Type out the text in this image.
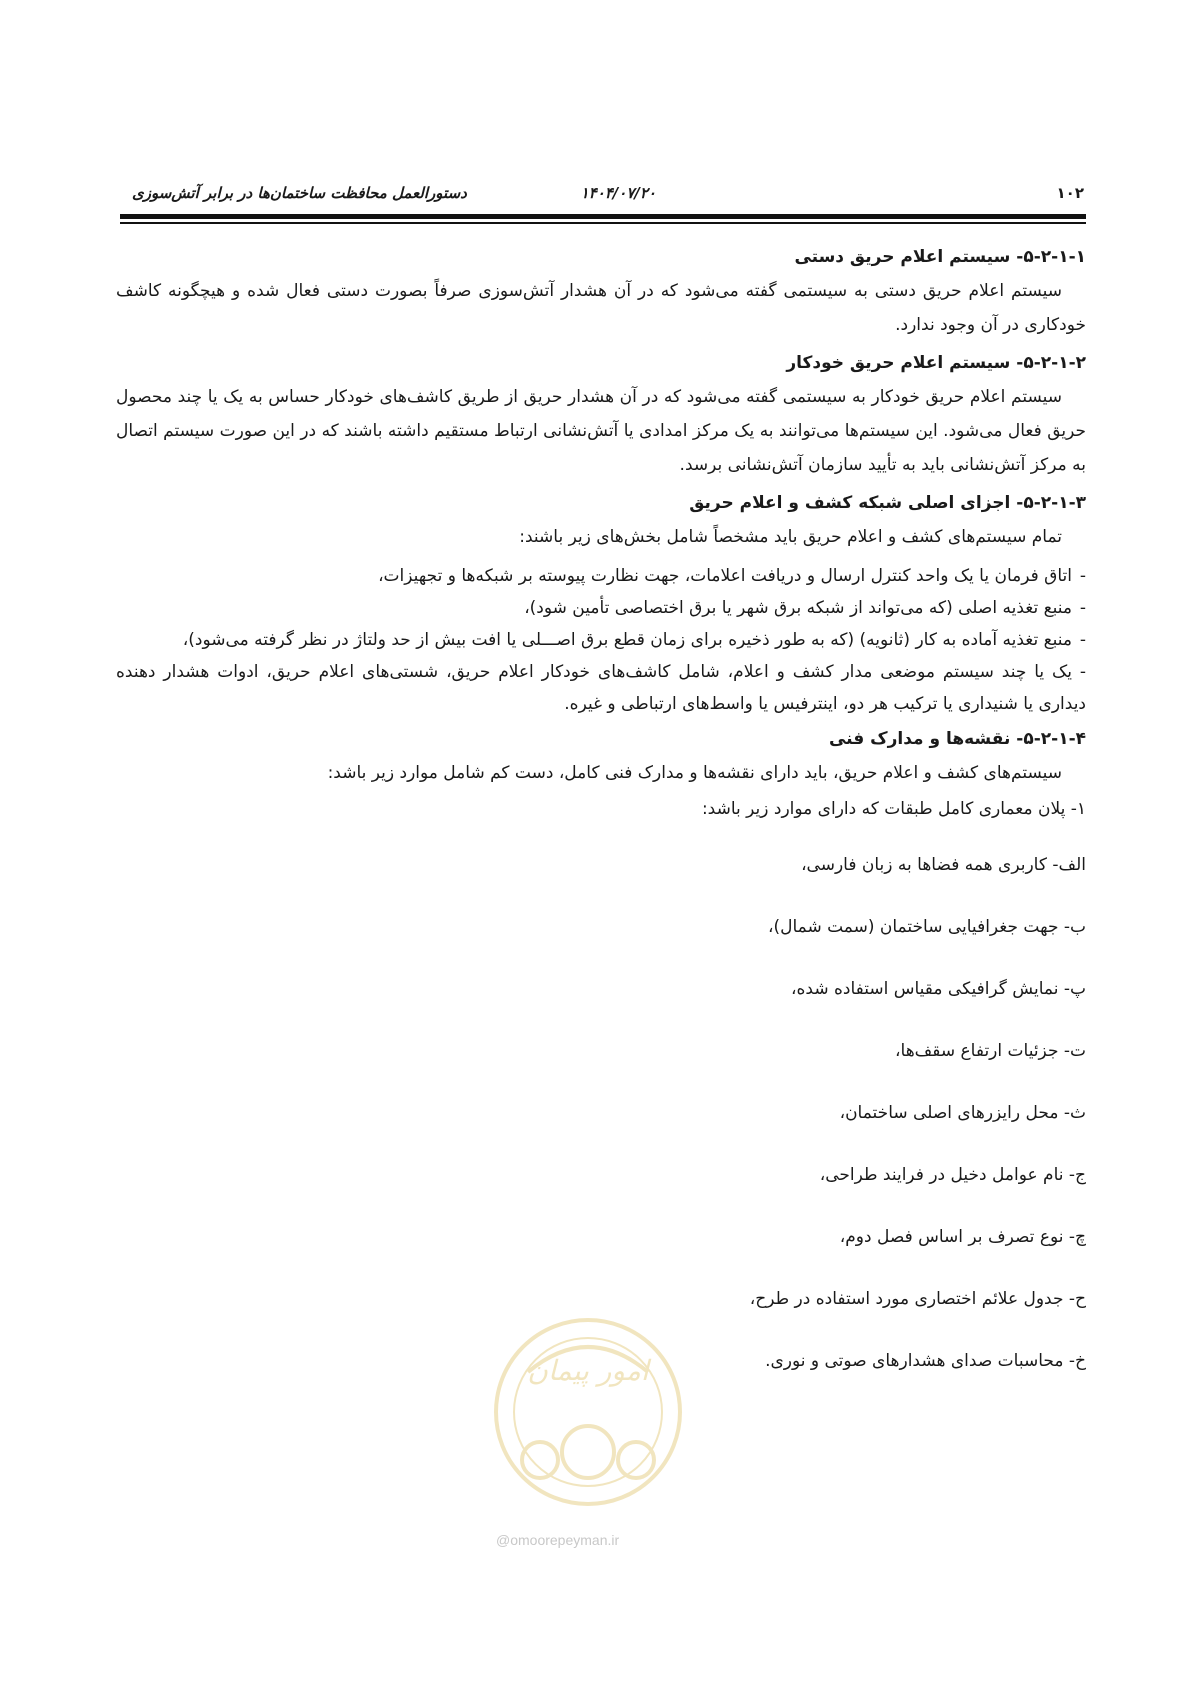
۱۰۲
۱۴۰۴/۰۷/۲۰
دستورالعمل محافظت ساختمان‌ها در برابر آتش‌سوزی
۵-۲-۱-۱- سیستم اعلام حریق دستی
سیستم اعلام حریق دستی به سیستمی گفته می‌شود که در آن هشدار آتش‌سوزی صرفاً بصورت دستی فعال شده و هیچگونه کاشف خودکاری در آن وجود ندارد.
۵-۲-۱-۲- سیستم اعلام حریق خودکار
سیستم اعلام حریق خودکار به سیستمی گفته می‌شود که در آن هشدار حریق از طریق کاشف‌های خودکار حساس به یک یا چند محصول حریق فعال می‌شود. این سیستم‌ها می‌توانند به یک مرکز امدادی یا آتش‌نشانی ارتباط مستقیم داشته باشند که در این صورت سیستم اتصال به مرکز آتش‌نشانی باید به تأیید سازمان آتش‌نشانی برسد.
۵-۲-۱-۳- اجزای اصلی شبکه کشف و اعلام حریق
تمام سیستم‌های کشف و اعلام حریق باید مشخصاً شامل بخش‌های زیر باشند:
-اتاق فرمان یا یک واحد کنترل ارسال و دریافت اعلامات، جهت نظارت پیوسته بر شبکه‌ها و تجهیزات،
-منبع تغذیه اصلی (که می‌تواند از شبکه برق شهر یا برق اختصاصی تأمین شود)،
-منبع تغذیه آماده به کار (ثانویه) (که به طور ذخیره برای زمان قطع برق اصـــلی یا افت بیش از حد ولتاژ در نظر گرفته می‌شود)،
-یک یا چند سیستم موضعی مدار کشف و اعلام، شامل کاشف‌های خودکار اعلام حریق، شستی‌های اعلام حریق، ادوات هشدار دهنده دیداری یا شنیداری یا ترکیب هر دو، اینترفیس یا واسط‌های ارتباطی و غیره.
۵-۲-۱-۴- نقشه‌ها و مدارک فنی
سیستم‌های کشف و اعلام حریق، باید دارای نقشه‌ها و مدارک فنی کامل، دست کم شامل موارد زیر باشد:
۱- پلان معماری کامل طبقات که دارای موارد زیر باشد:
الف- کاربری همه فضاها به زبان فارسی،
ب- جهت جغرافیایی ساختمان (سمت شمال)،
پ- نمایش گرافیکی مقیاس استفاده شده،
ت- جزئیات ارتفاع سقف‌ها،
ث- محل رایزرهای اصلی ساختمان،
ج- نام عوامل دخیل در فرایند طراحی،
چ- نوع تصرف بر اساس فصل دوم،
ح- جدول علائم اختصاری مورد استفاده در طرح،
خ- محاسبات صدای هشدارهای صوتی و نوری.
امور پیمان
@omoorepeyman.ir
